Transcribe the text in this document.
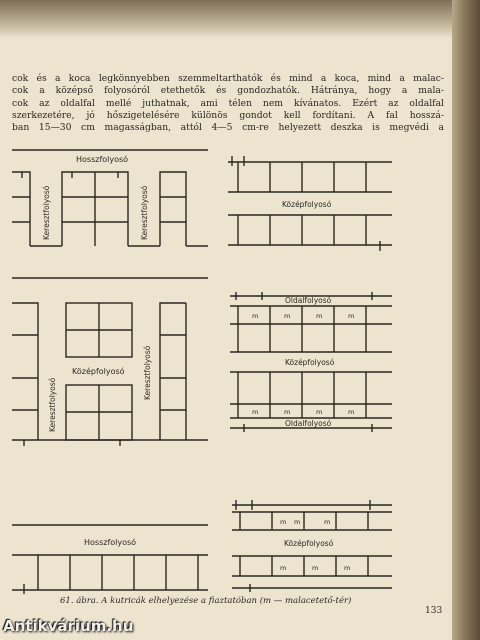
cok és a koca legkönnyebben szemmeltarthatók és mind a koca, mind a malac-
cok a középső folyosóról etethetők és gondozhatók. Hátránya, hogy a mala-
cok az oldalfal mellé juthatnak, ami télen nem kívánatos. Ezért az oldalfal
szerkezetére, jó hőszigetelésére különös gondot kell fordítani. A fal hosszá-
ban 15—30 cm magasságban, attól 4—5 cm-re helyezett deszka is megvédi a
Hosszfolyosó
Keresztfolyosó	Keresztfolyosó	Középfolyosó
Középfolyosó
Keresztfolyosó
Keresztfolyosó
Oldalfolyosó
Középfolyosó
Oldalfolyosó
Hosszfolyosó	Középfolyosó
m	m	m	m
m	m	m	m
m m	m
m	m	m
61. ábra. A kutricák elhelyezése a fiaztatóban (m — malacetető-tér)
133
Antikvárium.hu
